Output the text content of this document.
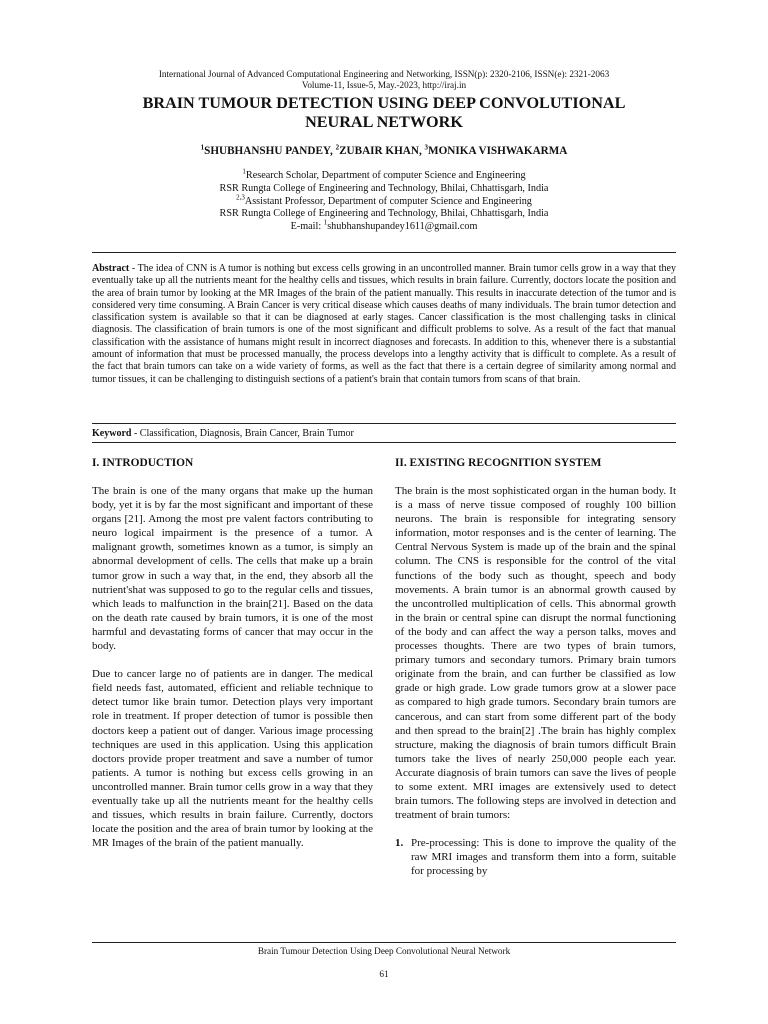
International Journal of Advanced Computational Engineering and Networking, ISSN(p): 2320-2106, ISSN(e): 2321-2063
Volume-11, Issue-5, May.-2023, http://iraj.in
BRAIN TUMOUR DETECTION USING DEEP CONVOLUTIONAL
NEURAL NETWORK
$^1$SHUBHANSHU PANDEY, $^2$ZUBAIR KHAN, $^3$MONIKA VISHWAKARMA
$^1$Research Scholar, Department of computer Science and Engineering
RSR Rungta College of Engineering and Technology, Bhilai, Chhattisgarh, India
$^{2,3}$Assistant Professor, Department of computer Science and Engineering
RSR Rungta College of Engineering and Technology, Bhilai, Chhattisgarh, India
E-mail: $^1$shubhanshupandey1611@gmail.com
Abstract - The idea of CNN is A tumor is nothing but excess cells growing in an uncontrolled manner. Brain tumor cells grow in a way that they eventually take up all the nutrients meant for the healthy cells and tissues, which results in brain failure. Currently, doctors locate the position and the area of brain tumor by looking at the MR Images of the brain of the patient manually. This results in inaccurate detection of the tumor and is considered very time consuming. A Brain Cancer is very critical disease which causes deaths of many individuals. The brain tumor detection and classification system is available so that it can be diagnosed at early stages. Cancer classification is the most challenging tasks in clinical diagnosis. The classification of brain tumors is one of the most significant and difficult problems to solve. As a result of the fact that manual classification with the assistance of humans might result in incorrect diagnoses and forecasts. In addition to this, whenever there is a substantial amount of information that must be processed manually, the process develops into a lengthy activity that is difficult to complete. As a result of the fact that brain tumors can take on a wide variety of forms, as well as the fact that there is a certain degree of similarity among normal and tumor tissues, it can be challenging to distinguish sections of a patient's brain that contain tumors from scans of that brain.
Keyword - Classification, Diagnosis, Brain Cancer, Brain Tumor
I. INTRODUCTION

The brain is one of the many organs that make up the human body, yet it is by far the most significant and important of these organs [21]. Among the most pre valent factors contributing to neuro logical impairment is the presence of a tumor. A malignant growth, sometimes known as a tumor, is simply an abnormal development of cells. The cells that make up a brain tumor grow in such a way that, in the end, they absorb all the nutrient'shat was supposed to go to the regular cells and tissues, which leads to malfunction in the brain[21]. Based on the data on the death rate caused by brain tumors, it is one of the most harmful and devastating forms of cancer that may occur in the body.

Due to cancer large no of patients are in danger. The medical field needs fast, automated, efficient and reliable technique to detect tumor like brain tumor. Detection plays very important role in treatment. If proper detection of tumor is possible then doctors keep a patient out of danger. Various image processing techniques are used in this application. Using this application doctors provide proper treatment and save a number of tumor patients. A tumor is nothing but excess cells growing in an uncontrolled manner. Brain tumor cells grow in a way that they eventually take up all the nutrients meant for the healthy cells and tissues, which results in brain failure. Currently, doctors locate the position and the area of brain tumor by looking at the MR Images of the brain of the patient manually.

II. EXISTING RECOGNITION SYSTEM

The brain is the most sophisticated organ in the human body. It is a mass of nerve tissue composed of roughly 100 billion neurons. The brain is responsible for integrating sensory information, motor responses and is the center of learning. The Central Nervous System is made up of the brain and the spinal column. The CNS is responsible for the control of the vital functions of the body such as thought, speech and body movements. A brain tumor is an abnormal growth caused by the uncontrolled multiplication of cells. This abnormal growth in the brain or central spine can disrupt the normal functioning of the body and can affect the way a person talks, moves and processes thoughts. There are two types of brain tumors, primary tumors and secondary tumors. Primary brain tumors originate from the brain, and can further be classified as low grade or high grade. Low grade tumors grow at a slower pace as compared to high grade tumors. Secondary brain tumors are cancerous, and can start from some different part of the body and then spread to the brain[2] .The brain has highly complex structure, making the diagnosis of brain tumors difficult Brain tumors take the lives of nearly 250,000 people each year. Accurate diagnosis of brain tumors can save the lives of people to some extent. MRI images are extensively used to detect brain tumors. The following steps are involved in detection and treatment of brain tumors:

1. Pre-processing: This is done to improve the quality of the raw MRI images and transform them into a form, suitable for processing by
Brain Tumour Detection Using Deep Convolutional Neural Network
61
